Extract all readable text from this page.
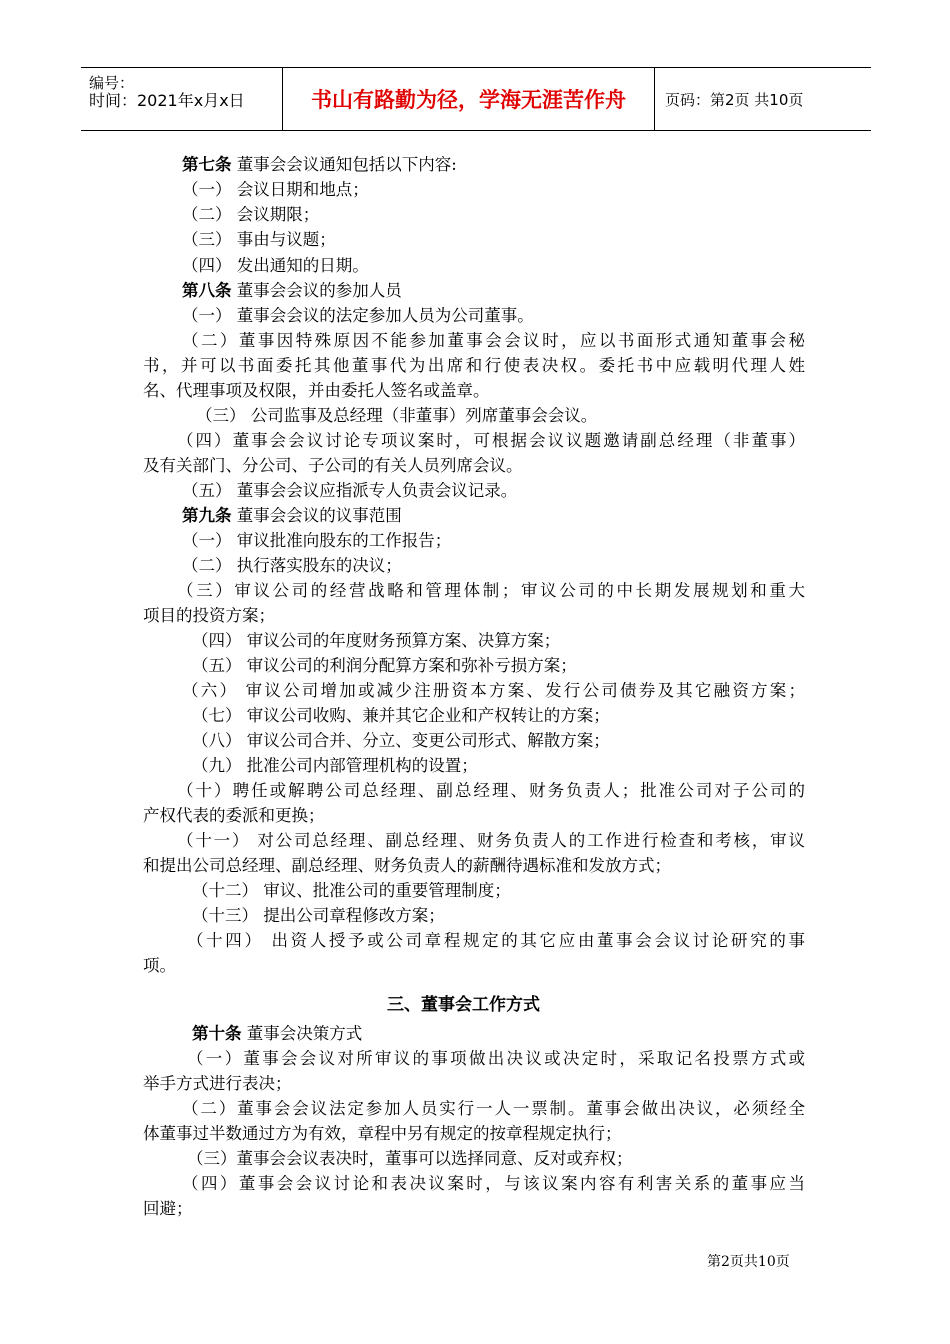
编号：
时间：2021年x月x日	书山有路勤为径，学海无涯苦作舟	页码：第2页 共10页
第七条 董事会会议通知包括以下内容:
（一） 会议日期和地点；
（二） 会议期限；
（三） 事由与议题；
（四） 发出通知的日期。
第八条 董事会会议的参加人员
（一） 董事会会议的法定参加人员为公司董事。
（二）董事因特殊原因不能参加董事会会议时，应以书面形式通知董事会秘
书，并可以书面委托其他董事代为出席和行使表决权。委托书中应载明代理人姓
名、代理事项及权限，并由委托人签名或盖章。
（三） 公司监事及总经理（非董事）列席董事会会议。
（四）董事会会议讨论专项议案时，可根据会议议题邀请副总经理（非董事）
及有关部门、分公司、子公司的有关人员列席会议。
（五） 董事会会议应指派专人负责会议记录。
第九条 董事会会议的议事范围
（一） 审议批准向股东的工作报告；
（二） 执行落实股东的决议；
（三）审议公司的经营战略和管理体制；审议公司的中长期发展规划和重大
项目的投资方案；
（四） 审议公司的年度财务预算方案、决算方案；
（五） 审议公司的利润分配算方案和弥补亏损方案；
（六） 审议公司增加或减少注册资本方案、发行公司债券及其它融资方案；
（七） 审议公司收购、兼并其它企业和产权转让的方案；
（八） 审议公司合并、分立、变更公司形式、解散方案；
（九） 批准公司内部管理机构的设置；
（十）聘任或解聘公司总经理、副总经理、财务负责人；批准公司对子公司的
产权代表的委派和更换；
（十一） 对公司总经理、副总经理、财务负责人的工作进行检查和考核，审议
和提出公司总经理、副总经理、财务负责人的薪酬待遇标准和发放方式；
（十二） 审议、批准公司的重要管理制度；
（十三） 提出公司章程修改方案；
（十四） 出资人授予或公司章程规定的其它应由董事会会议讨论研究的事
项。
三、董事会工作方式
第十条 董事会决策方式
（一）董事会会议对所审议的事项做出决议或决定时，采取记名投票方式或
举手方式进行表决；
（二）董事会会议法定参加人员实行一人一票制。董事会做出决议，必须经全
体董事过半数通过方为有效，章程中另有规定的按章程规定执行；
（三）董事会会议表决时，董事可以选择同意、反对或弃权；
（四）董事会会议讨论和表决议案时，与该议案内容有利害关系的董事应当
回避；
第2页共10页
